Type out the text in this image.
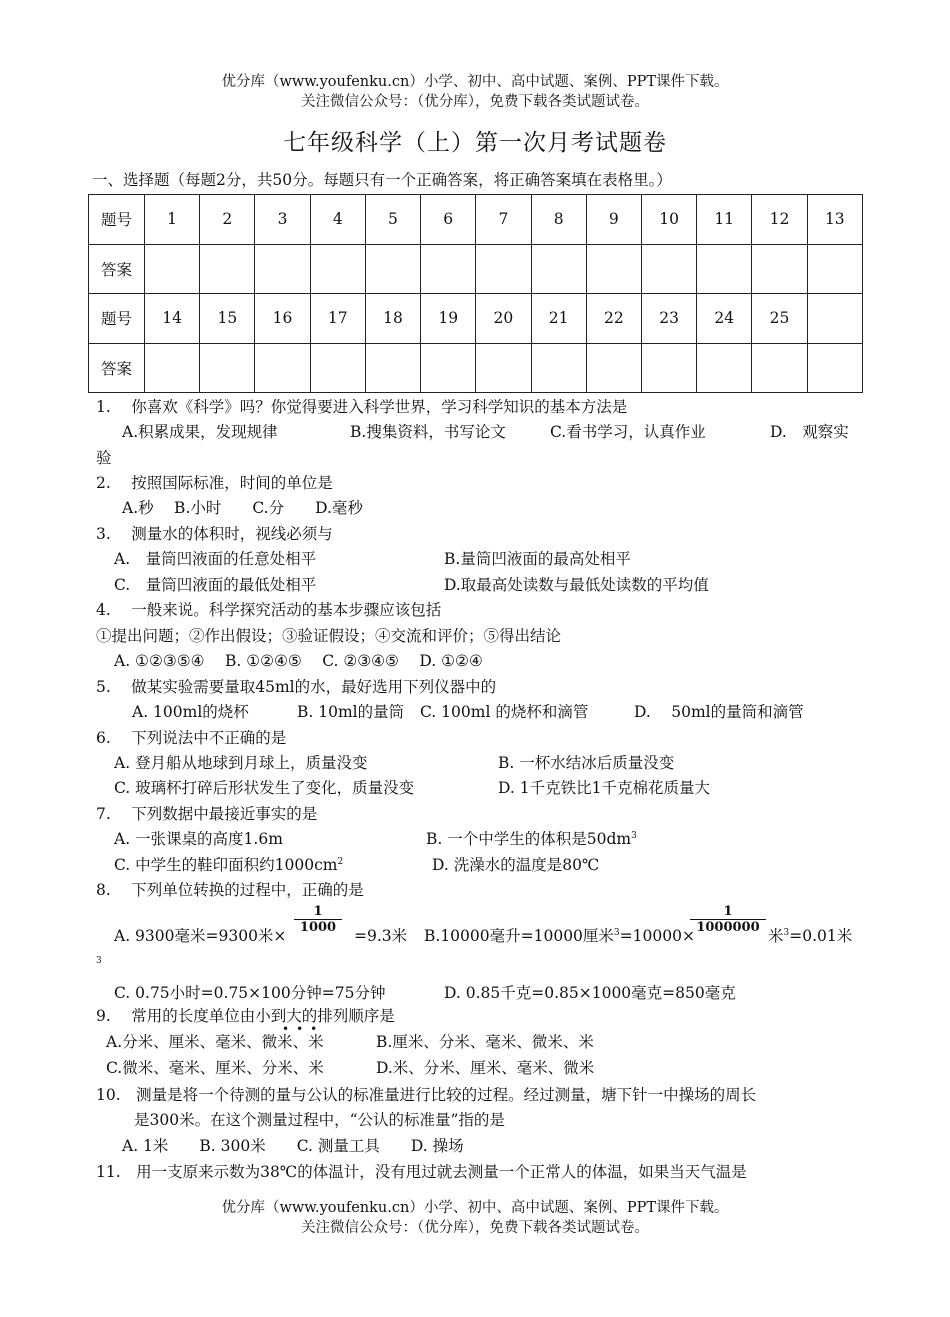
优分库（www.youfenku.cn）小学、初中、高中试题、案例、PPT课件下载。
关注微信公众号：（优分库），免费下载各类试题试卷。
七年级科学（上）第一次月考试题卷
一、选择题（每题2分，共50分。每题只有一个正确答案，将正确答案填在表格里。）
题号	1	2	3	4	5	6	7	8	9	10	11	12	13
答案													
题号	14	15	16	17	18	19	20	21	22	23	24	25	
答案													
1.　 你喜欢《科学》吗？你觉得要进入科学世界，学习科学知识的基本方法是
A.积累成果，发现规律	B.搜集资料，书写论文	C.看书学习，认真作业	D.　观察实
验
2.　 按照国际标准，时间的单位是
A.秒　 B.小时　　C.分　　D.毫秒
3.　 测量水的体积时，视线必须与
A.　量筒凹液面的任意处相平	B.量筒凹液面的最高处相平
C.　量筒凹液面的最低处相平	D.取最高处读数与最低处读数的平均值
4.　 一般来说。科学探究活动的基本步骤应该包括
①提出问题；②作出假设；③验证假设；④交流和评价；⑤得出结论
A. ①②③⑤④　 B. ①②④⑤　 C. ②③④⑤　 D. ①②④
5.　 做某实验需要量取45ml的水，最好选用下列仪器中的
A. 100ml的烧杯	B. 10ml的量筒 C. 100ml 的烧杯和滴管	D.　 50ml的量筒和滴管
6.　 下列说法中不正确的是
A. 登月船从地球到月球上，质量没变	B. 一杯水结冰后质量没变
C. 玻璃杯打碎后形状发生了变化，质量没变	D. 1千克铁比1千克棉花质量大
7.　 下列数据中最接近事实的是
A. 一张课桌的高度1.6m	B. 一个中学生的体积是$50dm^3$
C. 中学生的鞋印面积约$1000cm^2$	D. 洗澡水的温度是80℃
8.　 下列单位转换的过程中，正确的是
A. 9300毫米=9300米×
1
1000	=9.3米 B.10000毫升=10000厘米$^3$=10000×
1
1000000 米$^3$=0.01米
3
C. 0.75小时=0.75×100分钟=75分钟	D. 0.85千克=0.85×1000毫克=850毫克
9.　 常用的长度单位由小到大的排列顺序是
•••
A.分米、厘米、毫米、微米、米	B.厘米、分米、毫米、微米、米
C.微米、毫米、厘米、分米、米	D.米、分米、厘米、毫米、微米
10.　测量是将一个待测的量与公认的标准量进行比较的过程。经过测量，塘下针一中操场的周长
是300米。在这个测量过程中，“公认的标准量”指的是
A. 1米　　B. 300米　　C. 测量工具　　D. 操场
11.　用一支原来示数为38℃的体温计，没有甩过就去测量一个正常人的体温，如果当天气温是
优分库（www.youfenku.cn）小学、初中、高中试题、案例、PPT课件下载。
关注微信公众号：（优分库），免费下载各类试题试卷。
